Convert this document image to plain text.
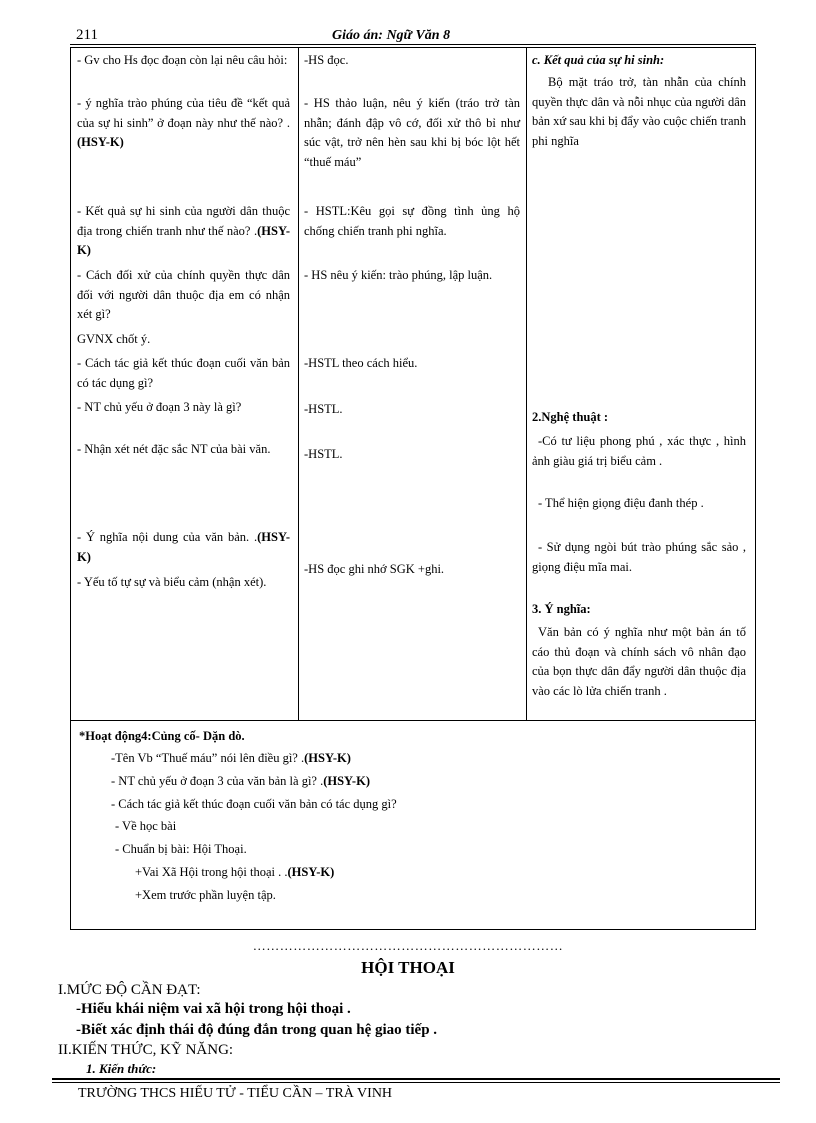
211	Giáo án: Ngữ Văn 8
- Gv cho Hs đọc đoạn còn lại nêu câu hỏi:
- ý nghĩa trào phúng của tiêu đề “kết quả của sự hi sinh” ở đoạn này như thế nào? .(HSY-K)
- Kết quả sự hi sinh của người dân thuộc địa trong chiến tranh như thế nào? .(HSY-K)
- Cách đối xử của chính quyền thực dân đối với người dân thuộc địa em có nhận xét gì?
GVNX chốt ý.
- Cách tác giả kết thúc đoạn cuối văn bản có tác dụng gì?
- NT chủ yếu ở đoạn 3 này là gì?
- Nhận xét nét đặc sắc NT của bài văn.
- Ý nghĩa nội dung của văn bản. .(HSY-K)
- Yếu tố tự sự và biểu cảm (nhận xét).
-HS đọc.
- HS thảo luận, nêu ý kiến (tráo trở tàn nhẫn; đánh đập vô cớ, đối xử thô bỉ như súc vật, trở nên hèn sau khi bị bóc lột hết “thuế máu”
- HSTL:Kêu gọi sự đồng tình ủng hộ chống chiến tranh phi nghĩa.
- HS nêu ý kiến: trào phúng, lập luận.
-HSTL theo cách hiểu.
-HSTL.
-HSTL.
-HS đọc ghi nhớ SGK +ghi.
c. Kết quả của sự hi sinh:
Bộ mặt tráo trở, tàn nhẫn của chính quyền thực dân và nỗi nhục của người dân bản xứ sau khi bị đẩy vào cuộc chiến tranh phi nghĩa
2.Nghệ thuật :
-Có tư liệu phong phú , xác thực , hình ảnh giàu giá trị biểu cảm .
- Thể hiện giọng điệu đanh thép .
- Sử dụng ngòi bút trào phúng sắc sảo , giọng điệu mĩa mai.
3. Ý nghĩa:
Văn bản có ý nghĩa như một bản án tố cáo thủ đoạn và chính sách vô nhân đạo của bọn thực dân đẩy người dân thuộc địa vào các lò lửa chiến tranh .
*Hoạt động4:Củng cố- Dặn dò.
-Tên Vb “Thuế máu” nói lên điều gì? .(HSY-K)
- NT chủ yếu ở đoạn 3 của văn bản là gì? .(HSY-K)
- Cách tác giả kết thúc đoạn cuối văn bản có tác dụng gì?
- Về học bài
- Chuẩn bị bài: Hội Thoại.
+Vai Xã Hội trong hội thoại . .(HSY-K)
+Xem trước phần luyện tập.
……………………………………………………………
HỘI THOẠI
I.MỨC ĐỘ CẦN ĐẠT:
-Hiểu khái niệm vai xã hội trong hội thoại .
-Biết xác định thái độ đúng đắn trong quan hệ giao tiếp .
II.KIẾN THỨC, KỸ NĂNG:
1. Kiến thức:
TRƯỜNG THCS HIẾU TỬ - TIỂU CẦN – TRÀ VINH
